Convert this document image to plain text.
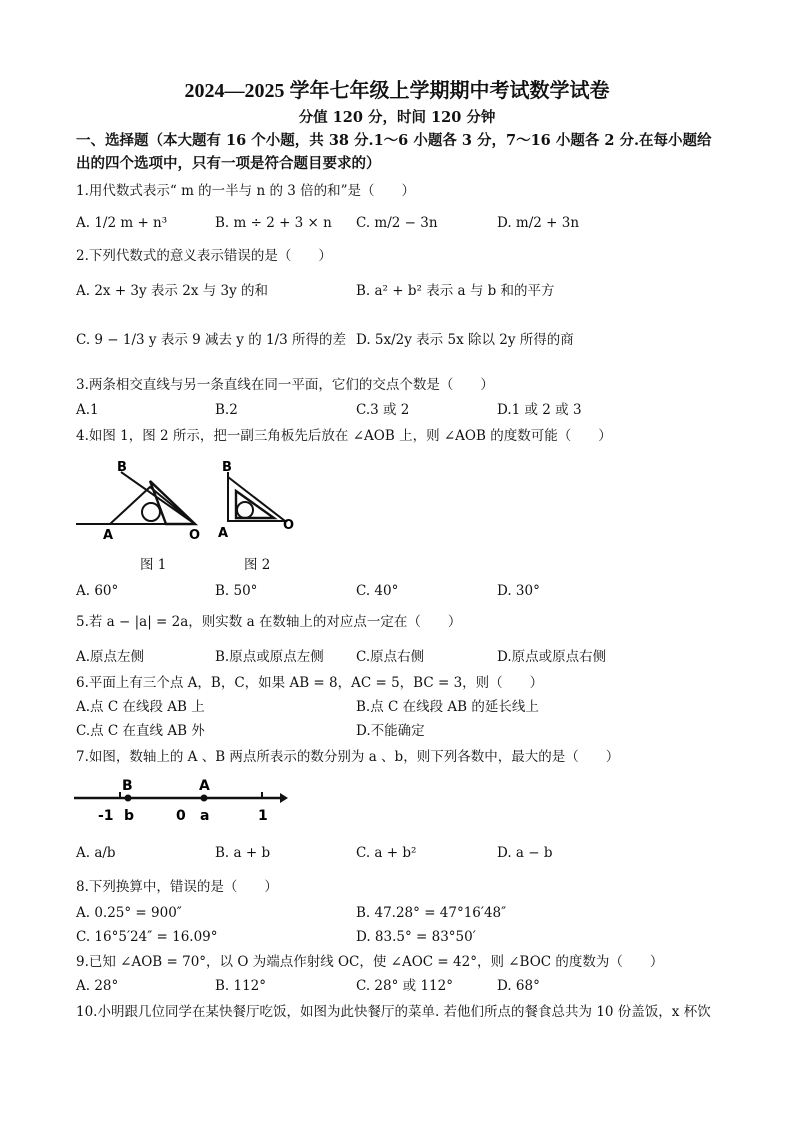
2024—2025 学年七年级上学期期中考试数学试卷
分值 120 分，时间 120 分钟
一、选择题（本大题有 16 个小题，共 38 分.1～6 小题各 3 分，7～16 小题各 2 分.在每小题给
出的四个选项中，只有一项是符合题目要求的）
1.用代数式表示“ m 的一半与 n 的 3 倍的和”是（　　）
A. 1/2 m + n³	B. m ÷ 2 + 3 × n C. m/2 − 3n	D. m/2 + 3n
2.下列代数式的意义表示错误的是（　　）
A. 2x + 3y 表示 2x 与 3y 的和	B. a² + b² 表示 a 与 b 和的平方
C. 9 − 1/3 y 表示 9 减去 y 的 1/3 所得的差 D. 5x/2y 表示 5x 除以 2y 所得的商
3.两条相交直线与另一条直线在同一平面，它们的交点个数是（　　）
A.1	B.2	C.3 或 2	D.1 或 2 或 3
4.如图 1，图 2 所示，把一副三角板先后放在 ∠AOB 上，则 ∠AOB 的度数可能（　　）
B
A	O
B
A
O
图 1	图 2
A. 60°	B. 50°	C. 40°	D. 30°
5.若 a − |a| = 2a，则实数 a 在数轴上的对应点一定在（　　）
A.原点左侧	B.原点或原点左侧 C.原点右侧	D.原点或原点右侧
6.平面上有三个点 A，B，C，如果 AB = 8，AC = 5，BC = 3，则（　　）
A.点 C 在线段 AB 上	B.点 C 在线段 AB 的延长线上
C.点 C 在直线 AB 外	D.不能确定
7.如图，数轴上的 A 、B 两点所表示的数分别为 a 、b，则下列各数中，最大的是（　　）
B	A
-1 b	0 a	1
A. a/b	B. a + b	C. a + b²	D. a − b
8.下列换算中，错误的是（　　）
A. 0.25° = 900″	B. 47.28° = 47°16′48″
C. 16°5′24″ = 16.09°	D. 83.5° = 83°50′
9.已知 ∠AOB = 70°，以 O 为端点作射线 OC，使 ∠AOC = 42°，则 ∠BOC 的度数为（　　）
A. 28°	B. 112°	C. 28° 或 112°	D. 68°
10.小明跟几位同学在某快餐厅吃饭，如图为此快餐厅的菜单. 若他们所点的餐食总共为 10 份盖饭，x 杯饮
